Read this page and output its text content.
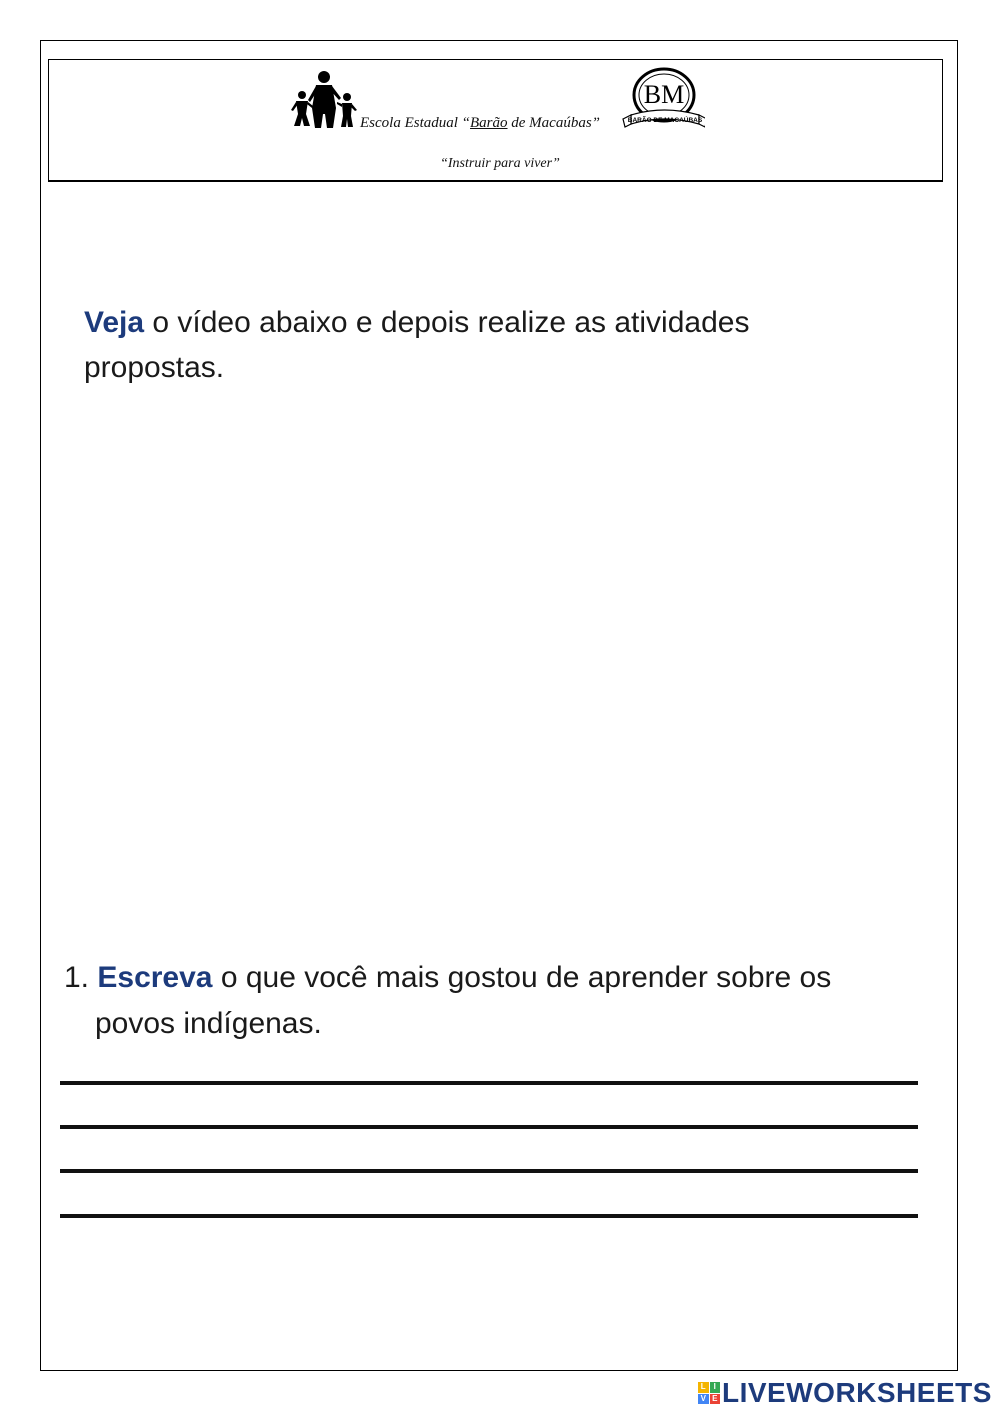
Escola Estadual “Barão de Macaúbas”
BM
BARÃO DE MACAÚBAS
“Instruir para viver”
Veja o vídeo abaixo e depois realize as atividades propostas.
1. Escreva o que você mais gostou de aprender sobre os
povos indígenas.
L I
V E LIVEWORKSHEETS
